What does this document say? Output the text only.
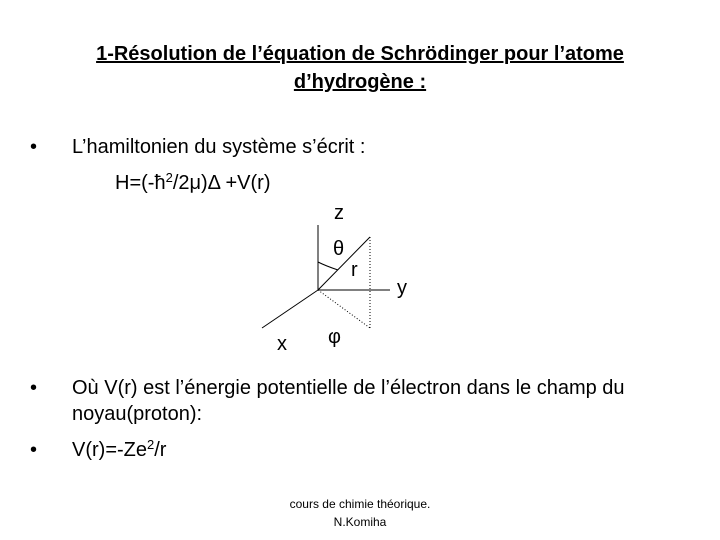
1-Résolution de l’équation de Schrödinger pour l’atome
d’hydrogène :
•	L’hamiltonien du système s’écrit :
$H=(-ħ^2/2\mu)\Delta +V(r)$
z
θ
r
y
x φ
•	Où V(r) est l’énergie potentielle de l’électron dans le champ du noyau(proton):
•	$V(r)=-Ze^2/r$
cours de chimie théorique.
N.Komiha
